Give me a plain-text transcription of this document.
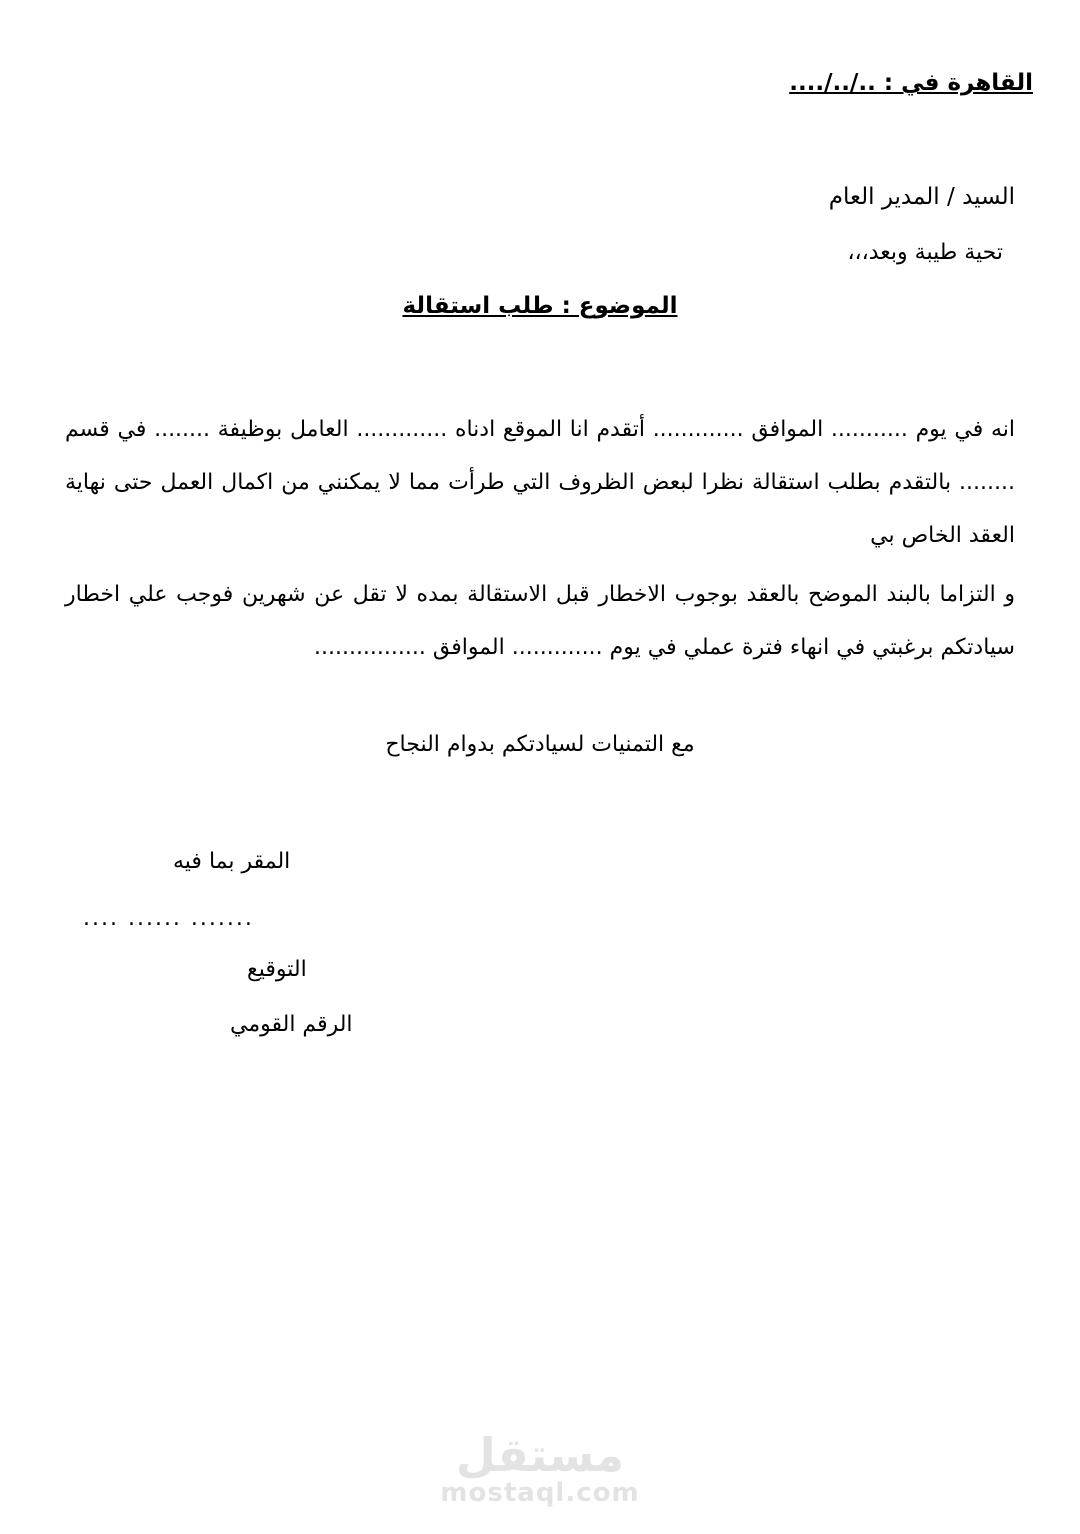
القاهرة في : ../../....
السيد / المدير العام
تحية طيبة وبعد،،،
الموضوع : طلب استقالة

انه في يوم ........... الموافق ............. أتقدم انا الموقع ادناه ............. العامل بوظيفة ........ في قسم ........ بالتقدم بطلب استقالة نظرا لبعض الظروف التي طرأت مما لا يمكنني من اكمال العمل حتى نهاية العقد الخاص بي

و التزاما بالبند الموضح بالعقد بوجوب الاخطار قبل الاستقالة بمده لا تقل عن شهرين فوجب علي اخطار سيادتكم برغبتي في انهاء فترة عملي في يوم ............. الموافق ................

مع التمنيات لسيادتكم بدوام النجاح
المقر بما فيه
....... ...... ....
التوقيع
الرقم القومي
مستقل
mostaql.com
